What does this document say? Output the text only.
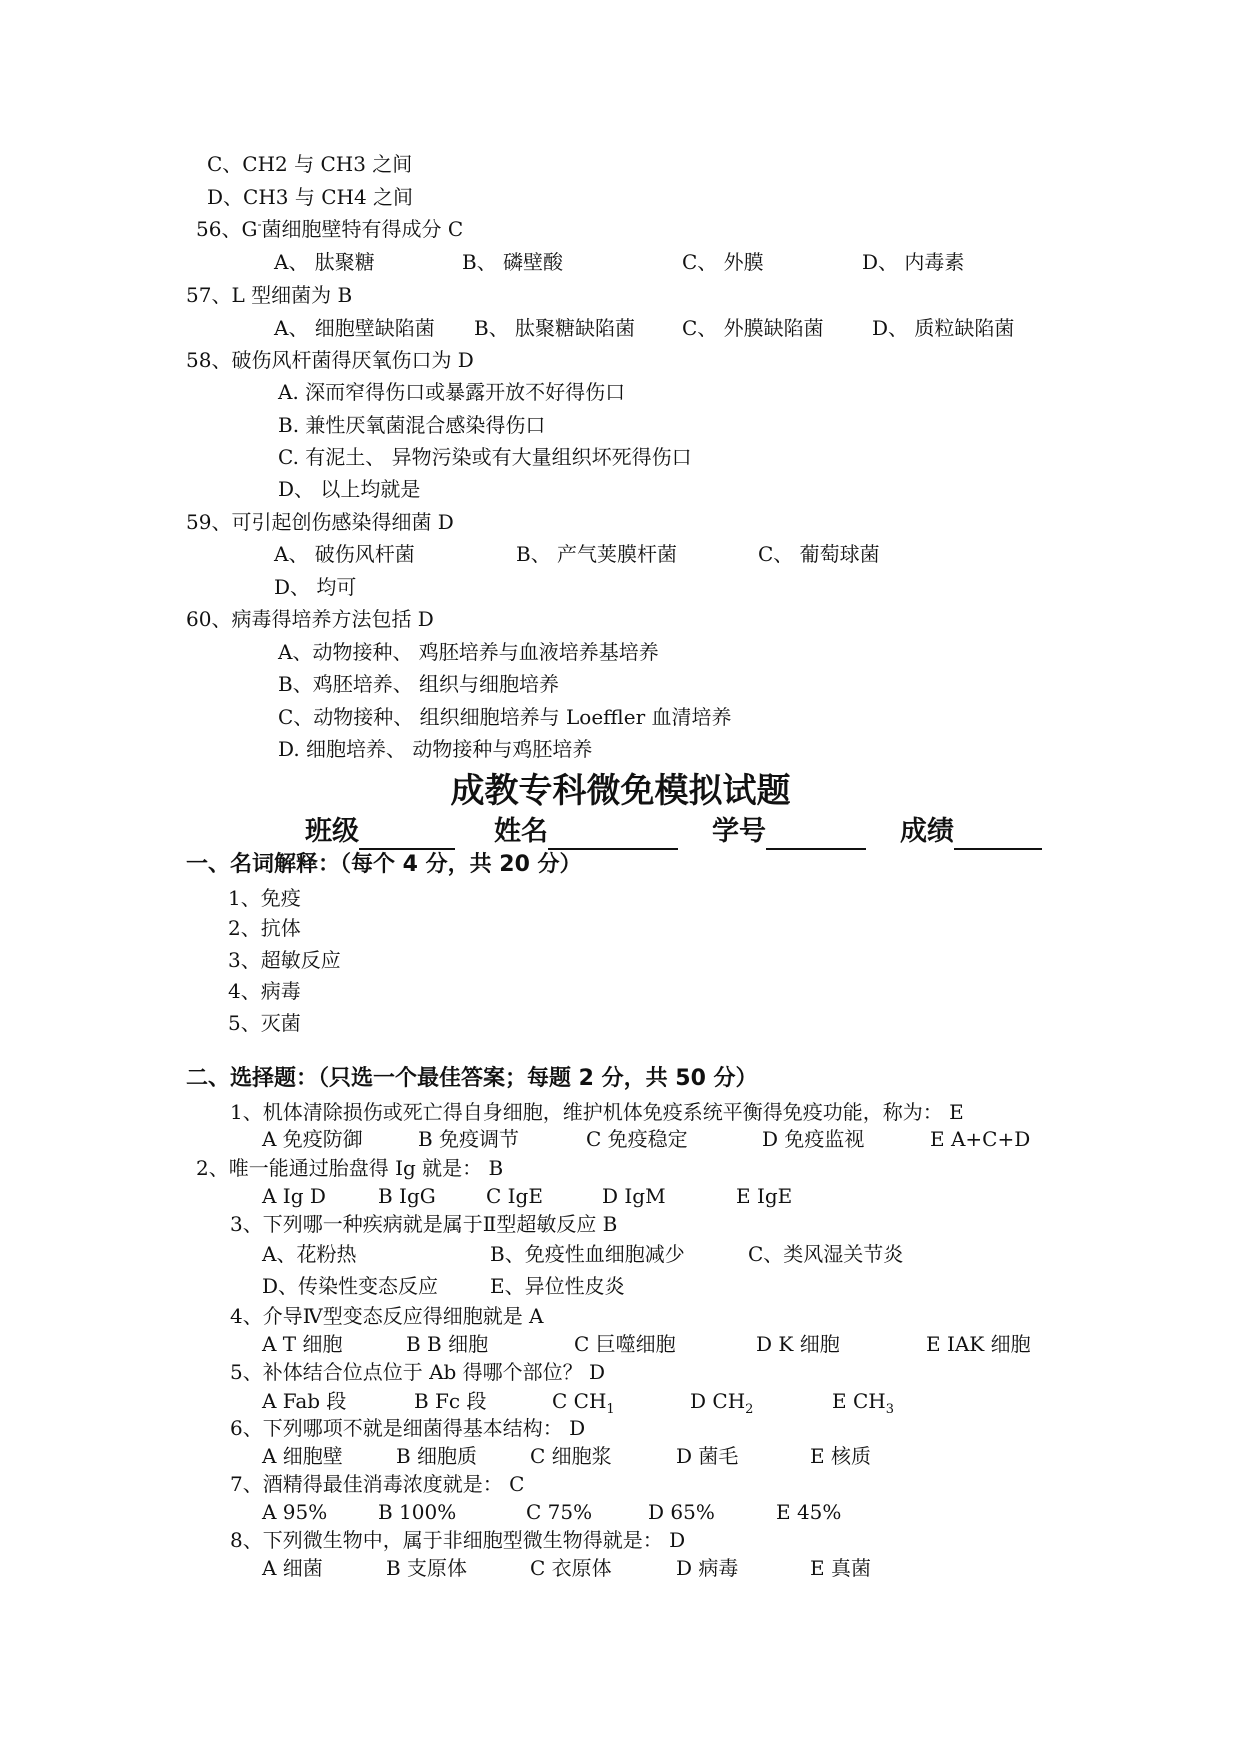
C、CH2 与 CH3 之间
D、CH3 与 CH4 之间
56、G-菌细胞壁特有得成分 C
A、 肽聚糖	B、 磷壁酸	C、 外膜	D、 内毒素
57、L 型细菌为 B
A、 细胞壁缺陷菌 B、 肽聚糖缺陷菌 C、 外膜缺陷菌 D、 质粒缺陷菌
58、破伤风杆菌得厌氧伤口为 D
A. 深而窄得伤口或暴露开放不好得伤口
B. 兼性厌氧菌混合感染得伤口
C. 有泥土、 异物污染或有大量组织坏死得伤口
D、 以上均就是
59、可引起创伤感染得细菌 D
A、 破伤风杆菌	B、 产气荚膜杆菌	C、 葡萄球菌
D、 均可
60、病毒得培养方法包括 D
A、动物接种、 鸡胚培养与血液培养基培养
B、鸡胚培养、 组织与细胞培养
C、动物接种、 组织细胞培养与 Loeffler 血清培养
D. 细胞培养、 动物接种与鸡胚培养
成教专科微免模拟试题
班级	姓名	学号	成绩
一、名词解释：（每个 4 分，共 20 分）
1、免疫
2、抗体
3、超敏反应
4、病毒
5、灭菌
二、选择题：（只选一个最佳答案；每题 2 分，共 50 分）
1、机体清除损伤或死亡得自身细胞，维护机体免疫系统平衡得免疫功能，称为： E
A 免疫防御	B 免疫调节	C 免疫稳定	D 免疫监视	E A+C+D
2、唯一能通过胎盘得 Ig 就是： B
A Ig D	B IgG	C IgE	D IgM	E IgE
3、下列哪一种疾病就是属于Ⅱ型超敏反应 B
A、花粉热	B、免疫性血细胞减少	C、类风湿关节炎
D、传染性变态反应	E、异位性皮炎
4、介导Ⅳ型变态反应得细胞就是 A
A T 细胞	B B 细胞	C 巨噬细胞	D K 细胞	E IAK 细胞
5、补体结合位点位于 Ab 得哪个部位？ D
A Fab 段	B Fc 段	C $CH_1$	D $CH_2$	E $CH_3$
6、下列哪项不就是细菌得基本结构： D
A 细胞壁	B 细胞质	C 细胞浆	D 菌毛	E 核质
7、酒精得最佳消毒浓度就是： C
A 95%	B 100%	C 75%	D 65%	E 45%
8、下列微生物中，属于非细胞型微生物得就是： D
A 细菌	B 支原体	C 衣原体	D 病毒	E 真菌
